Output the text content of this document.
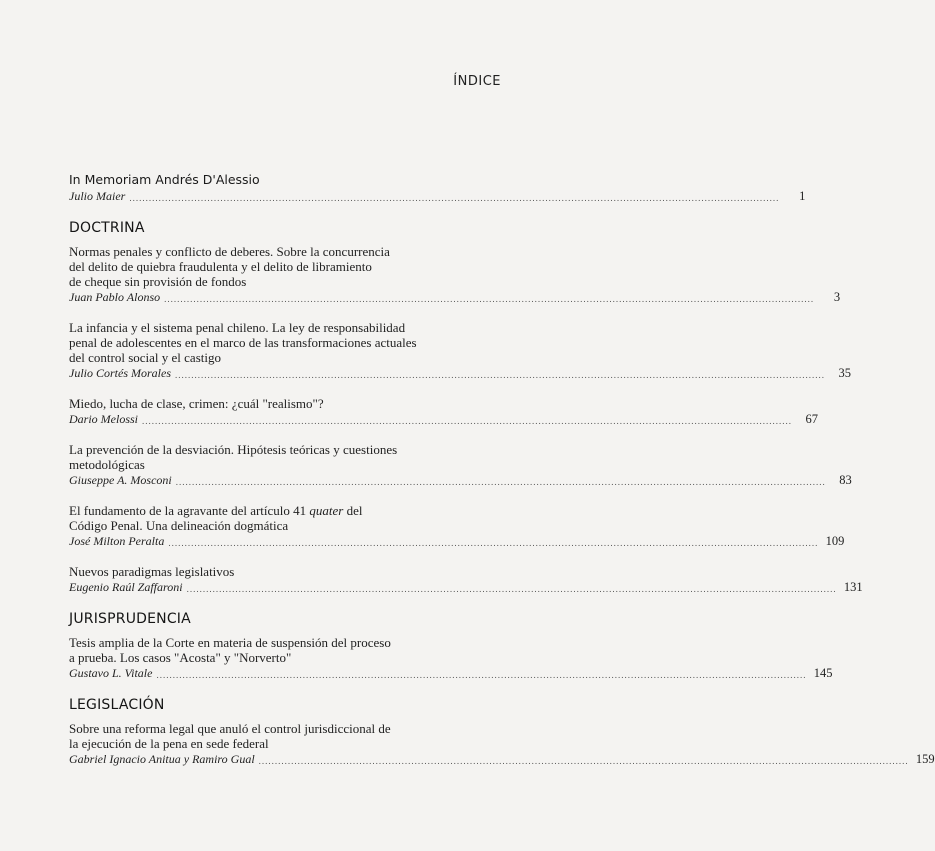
ÍNDICE
In Memoriam Andrés D'Alessio
Julio Maier ........................................................................................................................................................................................................	1
DOCTRINA
Normas penales y conflicto de deberes. Sobre la concurrencia
del delito de quiebra fraudulenta y el delito de libramiento
de cheque sin provisión de fondos
Juan Pablo Alonso ........................................................................................................................................................................................................	3
La infancia y el sistema penal chileno. La ley de responsabilidad
penal de adolescentes en el marco de las transformaciones actuales
del control social y el castigo
Julio Cortés Morales ........................................................................................................................................................................................................	35
Miedo, lucha de clase, crimen: ¿cuál "realismo"?
Dario Melossi ........................................................................................................................................................................................................	67
La prevención de la desviación. Hipótesis teóricas y cuestiones
metodológicas
Giuseppe A. Mosconi ........................................................................................................................................................................................................	83
El fundamento de la agravante del artículo 41 quater del
Código Penal. Una delineación dogmática
José Milton Peralta ........................................................................................................................................................................................................ 109
Nuevos paradigmas legislativos
Eugenio Raúl Zaffaroni ........................................................................................................................................................................................................ 131
JURISPRUDENCIA
Tesis amplia de la Corte en materia de suspensión del proceso
a prueba. Los casos "Acosta" y "Norverto"
Gustavo L. Vitale ........................................................................................................................................................................................................ 145
LEGISLACIÓN
Sobre una reforma legal que anuló el control jurisdiccional de
la ejecución de la pena en sede federal
Gabriel Ignacio Anitua y Ramiro Gual ........................................................................................................................................................................................................ 159
